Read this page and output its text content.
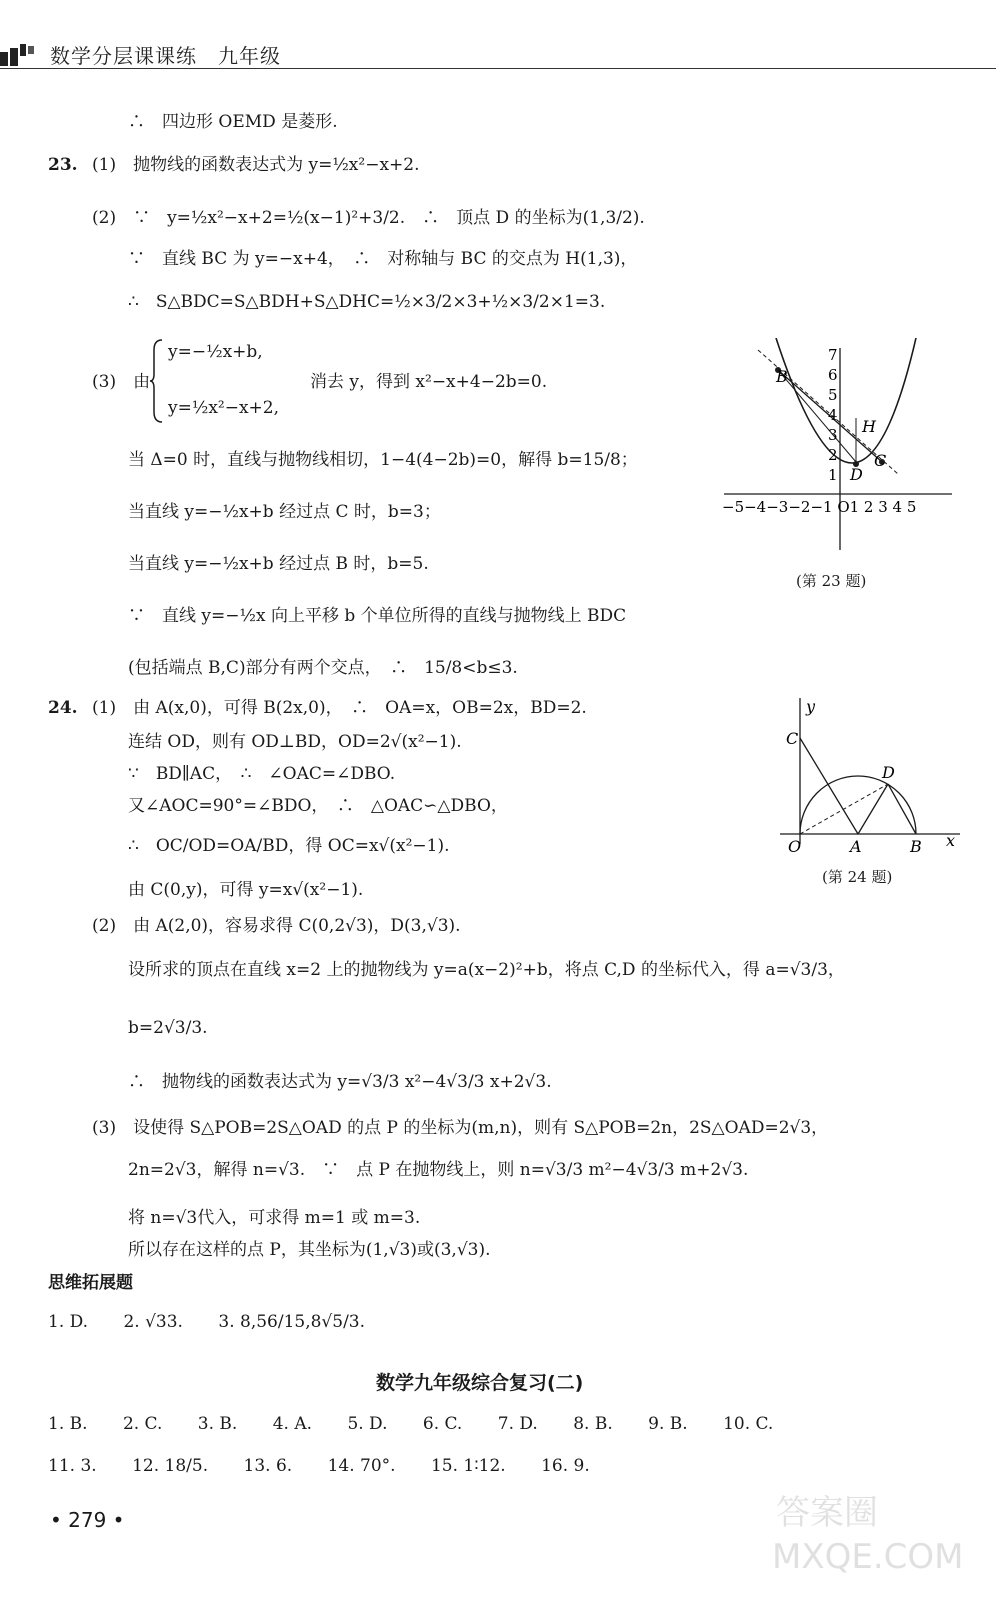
数学分层课课练　九年级
∴　四边形 OEMD 是菱形.
23. (1)　抛物线的函数表达式为 y=½x²−x+2.
(2)　∵　y=½x²−x+2=½(x−1)²+3/2.　∴　顶点 D 的坐标为(1,3/2).
∵　直线 BC 为 y=−x+4，　∴　对称轴与 BC 的交点为 H(1,3)，
∴　S△BDC=S△BDH+S△DHC=½×3/2×3+½×3/2×1=3.
(3)　由
y=−½x+b,
y=½x²−x+2,
消去 y，得到 x²−x+4−2b=0.
当 Δ=0 时，直线与抛物线相切，1−4(4−2b)=0，解得 b=15/8；
当直线 y=−½x+b 经过点 C 时，b=3；
当直线 y=−½x+b 经过点 B 时，b=5.
∵　直线 y=−½x 向上平移 b 个单位所得的直线与抛物线上 BDC
(包括端点 B,C)部分有两个交点，　∴　15/8<b≤3.
B
H
C
D
7
6
5
4
3
2
1
−5−4−3−2−1 O1 2 3 4 5
(第 23 题)
24. (1)　由 A(x,0)，可得 B(2x,0)，　∴　OA=x，OB=2x，BD=2.
连结 OD，则有 OD⊥BD，OD=2√(x²−1).
∵　BD∥AC，　∴　∠OAC=∠DBO.
又∠AOC=90°=∠BDO，　∴　△OAC∽△DBO，
∴　OC/OD=OA/BD，得 OC=x√(x²−1).
由 C(0,y)，可得 y=x√(x²−1).
(2)　由 A(2,0)，容易求得 C(0,2√3)，D(3,√3).
设所求的顶点在直线 x=2 上的抛物线为 y=a(x−2)²+b，将点 C,D 的坐标代入，得 a=√3/3，
b=2√3/3.
∴　抛物线的函数表达式为 y=√3/3 x²−4√3/3 x+2√3.
(3)　设使得 S△POB=2S△OAD 的点 P 的坐标为(m,n)，则有 S△POB=2n，2S△OAD=2√3，
2n=2√3，解得 n=√3.　∵　点 P 在抛物线上，则 n=√3/3 m²−4√3/3 m+2√3.
将 n=√3代入，可求得 m=1 或 m=3.
所以存在这样的点 P，其坐标为(1,√3)或(3,√3).
y
C
D
O	A	B x
(第 24 题)
思维拓展题
1. D. 2. √33. 3. 8,56/15,8√5/3.
数学九年级综合复习(二)
1. B. 2. C. 3. B. 4. A. 5. D. 6. C. 7. D. 8. B. 9. B. 10. C.
11. 3. 12. 18/5. 13. 6. 14. 70°. 15. 1∶12. 16. 9.
• 279 •	答案圈
MXQE.COM
